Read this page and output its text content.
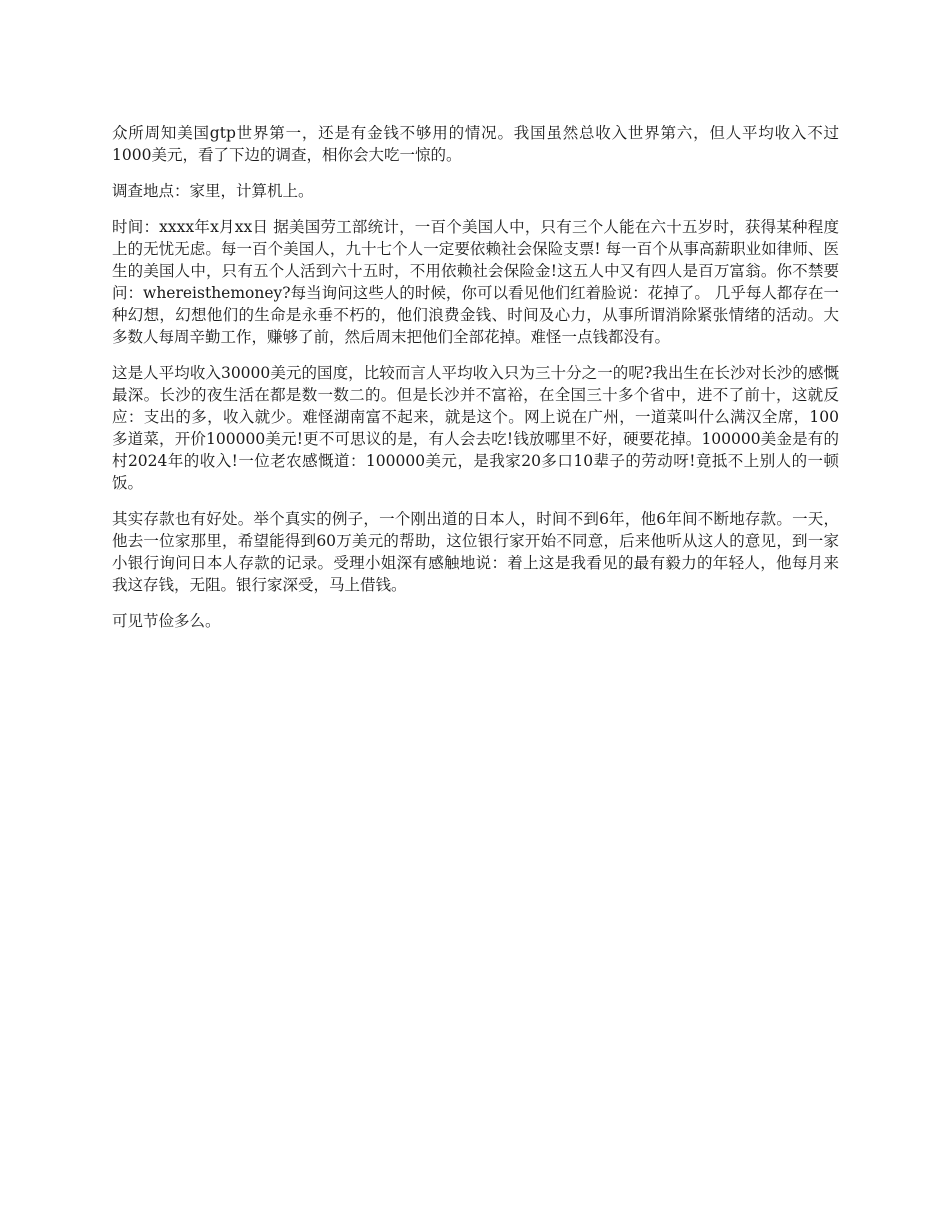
众所周知美国gtp世界第一，还是有金钱不够用的情况。我国虽然总收入世界第六，但人平均收入不过1000美元，看了下边的调查，相你会大吃一惊的。

调查地点：家里，计算机上。

时间：xxxx年x月xx日 据美国劳工部统计，一百个美国人中，只有三个人能在六十五岁时，获得某种程度上的无忧无虑。每一百个美国人，九十七个人一定要依赖社会保险支票! 每一百个从事高薪职业如律师、医生的美国人中，只有五个人活到六十五时，不用依赖社会保险金!这五人中又有四人是百万富翁。你不禁要问：whereisthemoney?每当询问这些人的时候，你可以看见他们红着脸说：花掉了。 几乎每人都存在一种幻想，幻想他们的生命是永垂不朽的，他们浪费金钱、时间及心力，从事所谓消除紧张情绪的活动。大多数人每周辛勤工作，赚够了前，然后周末把他们全部花掉。难怪一点钱都没有。

这是人平均收入30000美元的国度，比较而言人平均收入只为三十分之一的呢?我出生在长沙对长沙的感慨最深。长沙的夜生活在都是数一数二的。但是长沙并不富裕，在全国三十多个省中，进不了前十，这就反应：支出的多，收入就少。难怪湖南富不起来，就是这个。网上说在广州，一道菜叫什么满汉全席，100多道菜，开价100000美元!更不可思议的是，有人会去吃!钱放哪里不好，硬要花掉。100000美金是有的村2024年的收入!一位老农感慨道：100000美元，是我家20多口10辈子的劳动呀!竟抵不上别人的一顿饭。

其实存款也有好处。举个真实的例子，一个刚出道的日本人，时间不到6年，他6年间不断地存款。一天，他去一位家那里，希望能得到60万美元的帮助，这位银行家开始不同意，后来他听从这人的意见，到一家小银行询问日本人存款的记录。受理小姐深有感触地说：着上这是我看见的最有毅力的年轻人，他每月来我这存钱，无阻。银行家深受，马上借钱。

可见节俭多么。
